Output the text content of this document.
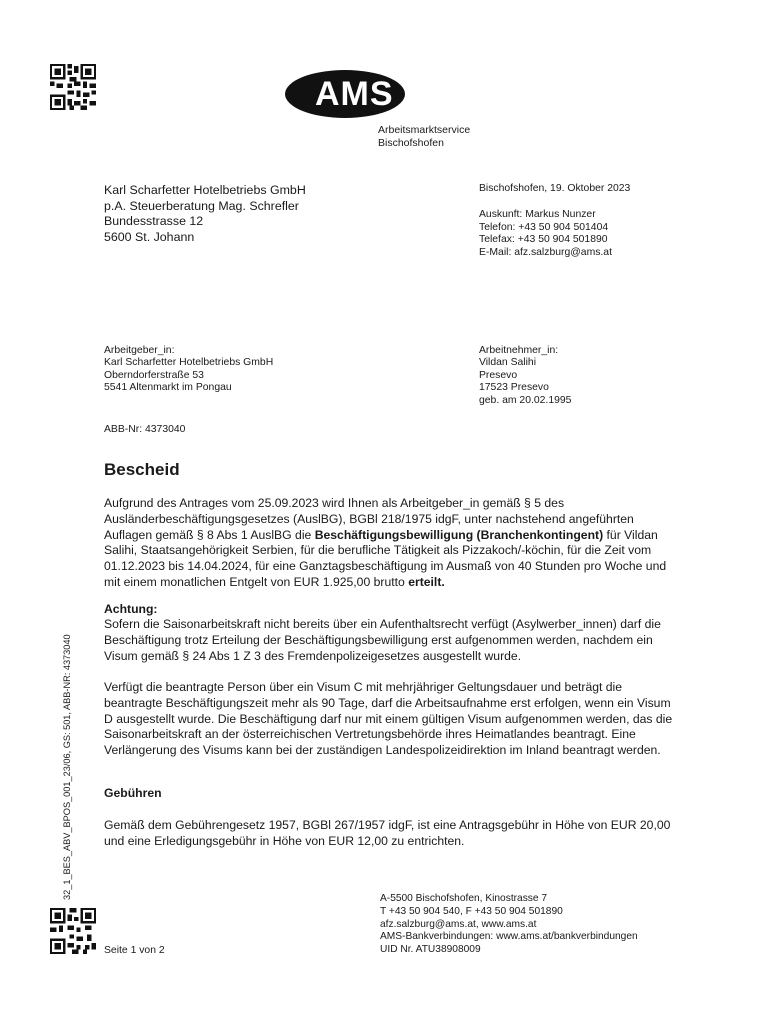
AMS
Arbeitsmarktservice
Bischofshofen
Karl Scharfetter Hotelbetriebs GmbH
p.A. Steuerberatung Mag. Schrefler
Bundesstrasse 12
5600 St. Johann
Bischofshofen, 19. Oktober 2023
Auskunft: Markus Nunzer
Telefon: +43 50 904 501404
Telefax: +43 50 904 501890
E-Mail: afz.salzburg@ams.at
Arbeitgeber_in:
Karl Scharfetter Hotelbetriebs GmbH
Oberndorferstraße 53
5541 Altenmarkt im Pongau
Arbeitnehmer_in:
Vildan Salihi
Presevo
17523 Presevo
geb. am 20.02.1995
ABB-Nr: 4373040
Bescheid
Aufgrund des Antrages vom 25.09.2023 wird Ihnen als Arbeitgeber_in gemäß § 5 des Ausländerbeschäftigungsgesetzes (AuslBG), BGBl 218/1975 idgF, unter nachstehend angeführten Auflagen gemäß § 8 Abs 1 AuslBG die Beschäftigungsbewilligung (Branchenkontingent) für Vildan Salihi, Staatsangehörigkeit Serbien, für die berufliche Tätigkeit als Pizzakoch/-köchin, für die Zeit vom 01.12.2023 bis 14.04.2024, für eine Ganztagsbeschäftigung im Ausmaß von 40 Stunden pro Woche und mit einem monatlichen Entgelt von EUR 1.925,00 brutto erteilt.
Achtung:
Sofern die Saisonarbeitskraft nicht bereits über ein Aufenthaltsrecht verfügt (Asylwerber_innen) darf die Beschäftigung trotz Erteilung der Beschäftigungsbewilligung erst aufgenommen werden, nachdem ein Visum gemäß § 24 Abs 1 Z 3 des Fremdenpolizeigesetzes ausgestellt wurde.
Verfügt die beantragte Person über ein Visum C mit mehrjähriger Geltungsdauer und beträgt die beantragte Beschäftigungszeit mehr als 90 Tage, darf die Arbeitsaufnahme erst erfolgen, wenn ein Visum D ausgestellt wurde. Die Beschäftigung darf nur mit einem gültigen Visum aufgenommen werden, das die Saisonarbeitskraft an der österreichischen Vertretungsbehörde ihres Heimatlandes beantragt. Eine Verlängerung des Visums kann bei der zuständigen Landespolizeidirektion im Inland beantragt werden.
Gebühren
Gemäß dem Gebührengesetz 1957, BGBl 267/1957 idgF, ist eine Antragsgebühr in Höhe von EUR 20,00 und eine Erledigungsgebühr in Höhe von EUR 12,00 zu entrichten.
32_1_BES_ABV_BPOS_001_23/06, GS: 501, ABB-NR: 4373040	A-5500 Bischofshofen, Kinostrasse 7
T +43 50 904 540, F +43 50 904 501890
afz.salzburg@ams.at, www.ams.at
AMS-Bankverbindungen: www.ams.at/bankverbindungen
UID Nr. ATU38908009
Seite 1 von 2
